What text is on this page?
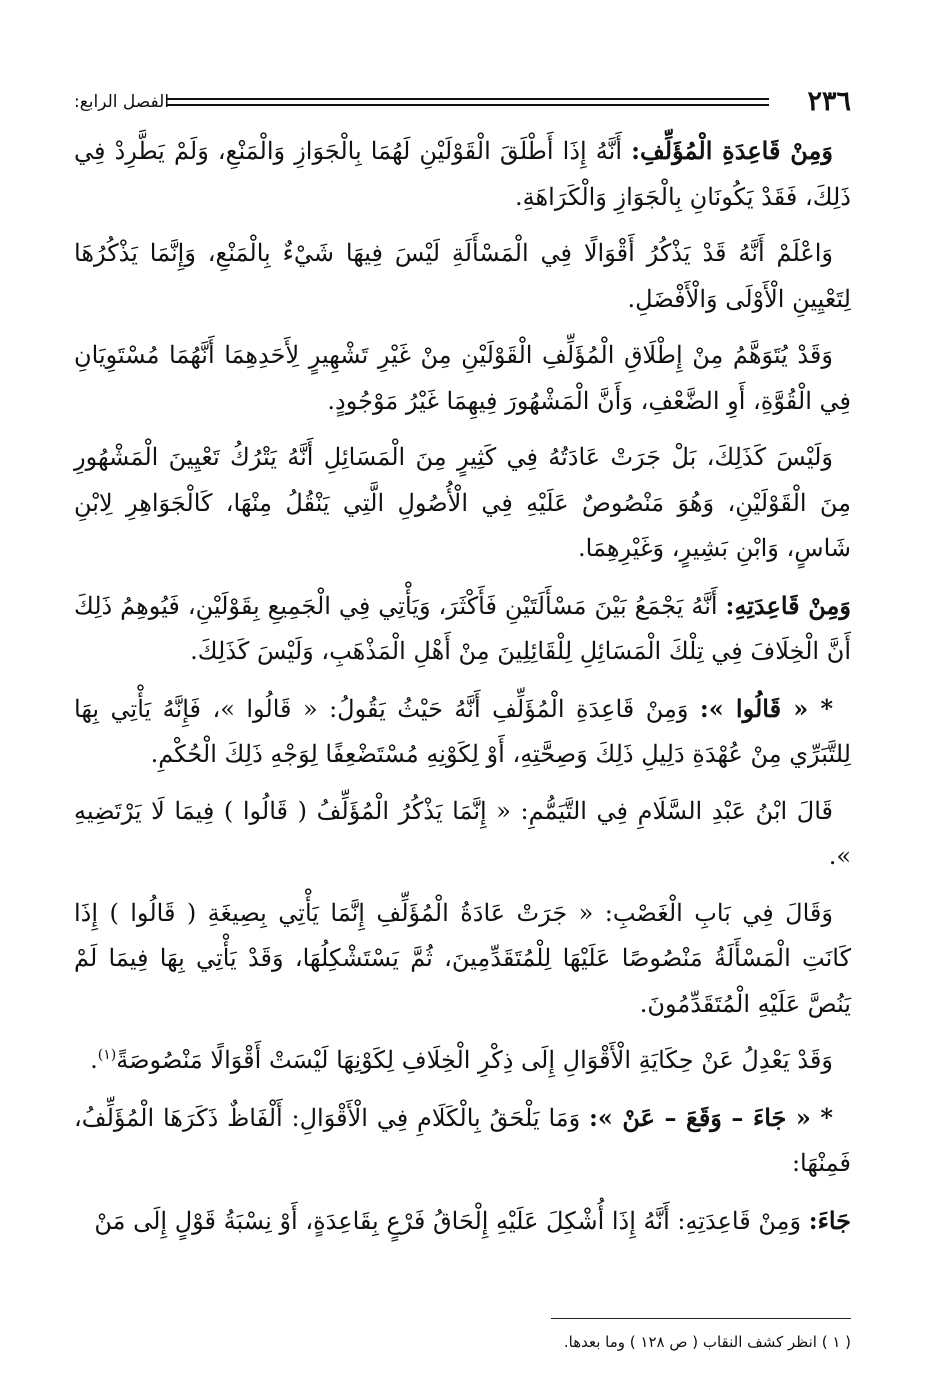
٢٣٦
الفصل الرابع:

وَمِنْ قَاعِدَةِ الْمُؤَلِّفِ: أَنَّهُ إِذَا أَطْلَقَ الْقَوْلَيْنِ لَهُمَا بِالْجَوَازِ وَالْمَنْعِ، وَلَمْ يَطَّرِدْ فِي ذَلِكَ، فَقَدْ يَكُونَانِ بِالْجَوَازِ وَالْكَرَاهَةِ.

وَاعْلَمْ أَنَّهُ قَدْ يَذْكُرُ أَقْوَالًا فِي الْمَسْأَلَةِ لَيْسَ فِيهَا شَيْءٌ بِالْمَنْعِ، وَإِنَّمَا يَذْكُرُهَا لِتَعْيِينِ الْأَوْلَى وَالْأَفْضَلِ.

وَقَدْ يُتَوَهَّمُ مِنْ إِطْلَاقِ الْمُؤَلِّفِ الْقَوْلَيْنِ مِنْ غَيْرِ تَشْهِيرٍ لِأَحَدِهِمَا أَنَّهُمَا مُسْتَوِيَانِ فِي الْقُوَّةِ، أَوِ الضَّعْفِ، وَأَنَّ الْمَشْهُورَ فِيهِمَا غَيْرُ مَوْجُودٍ.

وَلَيْسَ كَذَلِكَ، بَلْ جَرَتْ عَادَتُهُ فِي كَثِيرٍ مِنَ الْمَسَائِلِ أَنَّهُ يَتْرُكُ تَعْيِينَ الْمَشْهُورِ مِنَ الْقَوْلَيْنِ، وَهُوَ مَنْصُوصٌ عَلَيْهِ فِي الْأُصُولِ الَّتِي يَنْقُلُ مِنْهَا، كَالْجَوَاهِرِ لِابْنِ شَاسٍ، وَابْنِ بَشِيرٍ، وَغَيْرِهِمَا.

وَمِنْ قَاعِدَتِهِ: أَنَّهُ يَجْمَعُ بَيْنَ مَسْأَلَتَيْنِ فَأَكْثَرَ، وَيَأْتِي فِي الْجَمِيعِ بِقَوْلَيْنِ، فَيُوهِمُ ذَلِكَ أَنَّ الْخِلَافَ فِي تِلْكَ الْمَسَائِلِ لِلْقَائِلِينَ مِنْ أَهْلِ الْمَذْهَبِ، وَلَيْسَ كَذَلِكَ.

* « قَالُوا »: وَمِنْ قَاعِدَةِ الْمُؤَلِّفِ أَنَّهُ حَيْثُ يَقُولُ: « قَالُوا »، فَإِنَّهُ يَأْتِي بِهَا لِلتَّبَرِّي مِنْ عُهْدَةِ دَلِيلِ ذَلِكَ وَصِحَّتِهِ، أَوْ لِكَوْنِهِ مُسْتَضْعِفًا لِوَجْهِ ذَلِكَ الْحُكْمِ.

قَالَ ابْنُ عَبْدِ السَّلَامِ فِي التَّيَمُّمِ: « إِنَّمَا يَذْكُرُ الْمُؤَلِّفُ ( قَالُوا ) فِيمَا لَا يَرْتَضِيهِ ».

وَقَالَ فِي بَابِ الْغَصْبِ: « جَرَتْ عَادَةُ الْمُؤَلِّفِ إِنَّمَا يَأْتِي بِصِيغَةِ ( قَالُوا ) إِذَا كَانَتِ الْمَسْأَلَةُ مَنْصُوصًا عَلَيْهَا لِلْمُتَقَدِّمِينَ، ثُمَّ يَسْتَشْكِلُهَا، وَقَدْ يَأْتِي بِهَا فِيمَا لَمْ يَنُصَّ عَلَيْهِ الْمُتَقَدِّمُونَ.

وَقَدْ يَعْدِلُ عَنْ حِكَايَةِ الْأَقْوَالِ إِلَى ذِكْرِ الْخِلَافِ لِكَوْنِهَا لَيْسَتْ أَقْوَالًا مَنْصُوصَةً$^{(١)}$.

* « جَاءَ – وَقَعَ – عَنْ »: وَمَا يَلْحَقُ بِالْكَلَامِ فِي الْأَقْوَالِ: أَلْفَاظٌ ذَكَرَهَا الْمُؤَلِّفُ، فَمِنْهَا:

جَاءَ: وَمِنْ قَاعِدَتِهِ: أَنَّهُ إِذَا أُشْكِلَ عَلَيْهِ إِلْحَاقُ فَرْعٍ بِقَاعِدَةٍ، أَوْ نِسْبَةُ قَوْلٍ إِلَى مَنْ

( ١ ) انظر كشف النقاب ( ص ١٢٨ ) وما بعدها.
